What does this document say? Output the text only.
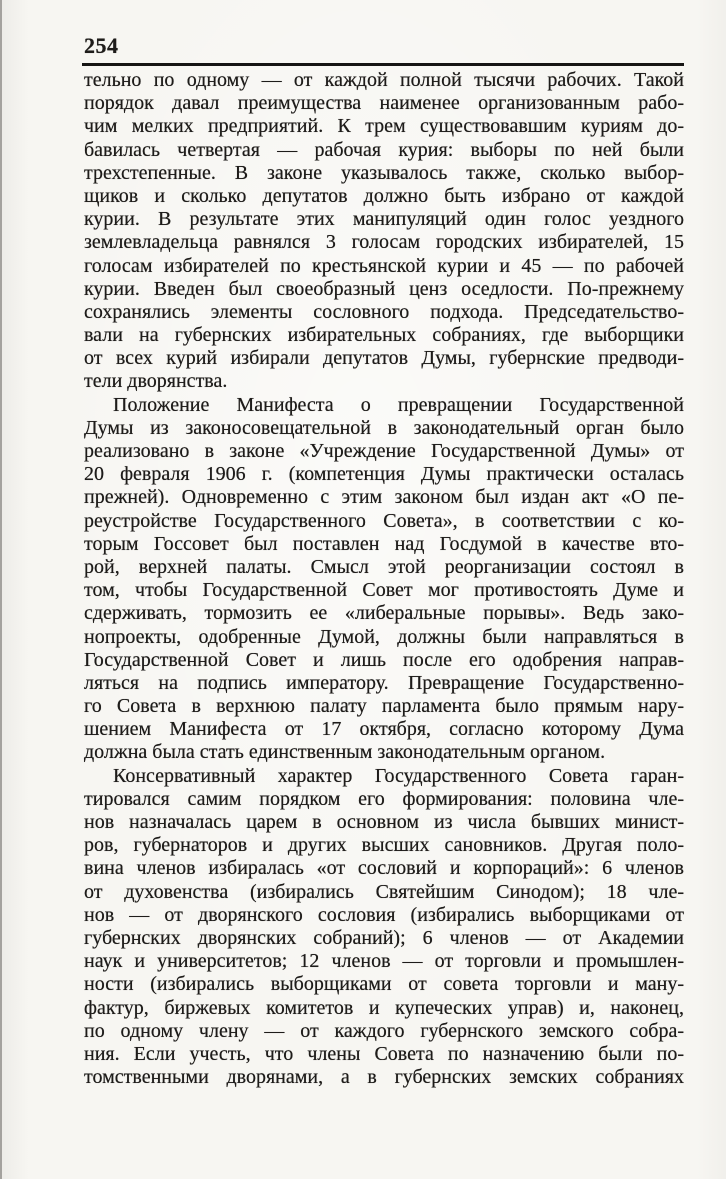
254
тельно по одному — от каждой полной тысячи рабочих. Такой
порядок давал преимущества наименее организованным рабо-
чим мелких предприятий. К трем существовавшим куриям до-
бавилась четвертая — рабочая курия: выборы по ней были
трехстепенные. В законе указывалось также, сколько выбор-
щиков и сколько депутатов должно быть избрано от каждой
курии. В результате этих манипуляций один голос уездного
землевладельца равнялся 3 голосам городских избирателей, 15
голосам избирателей по крестьянской курии и 45 — по рабочей
курии. Введен был своеобразный ценз оседлости. По-прежнему
сохранялись элементы сословного подхода. Председательство-
вали на губернских избирательных собраниях, где выборщики
от всех курий избирали депутатов Думы, губернские предводи-
тели дворянства.
Положение Манифеста о превращении Государственной
Думы из законосовещательной в законодательный орган было
реализовано в законе «Учреждение Государственной Думы» от
20 февраля 1906 г. (компетенция Думы практически осталась
прежней). Одновременно с этим законом был издан акт «О пе-
реустройстве Государственного Совета», в соответствии с ко-
торым Госсовет был поставлен над Госдумой в качестве вто-
рой, верхней палаты. Смысл этой реорганизации состоял в
том, чтобы Государственной Совет мог противостоять Думе и
сдерживать, тормозить ее «либеральные порывы». Ведь зако-
нопроекты, одобренные Думой, должны были направляться в
Государственной Совет и лишь после его одобрения направ-
ляться на подпись императору. Превращение Государственно-
го Совета в верхнюю палату парламента было прямым нару-
шением Манифеста от 17 октября, согласно которому Дума
должна была стать единственным законодательным органом.
Консервативный характер Государственного Совета гаран-
тировался самим порядком его формирования: половина чле-
нов назначалась царем в основном из числа бывших минист-
ров, губернаторов и других высших сановников. Другая поло-
вина членов избиралась «от сословий и корпораций»: 6 членов
от духовенства (избирались Святейшим Синодом); 18 чле-
нов — от дворянского сословия (избирались выборщиками от
губернских дворянских собраний); 6 членов — от Академии
наук и университетов; 12 членов — от торговли и промышлен-
ности (избирались выборщиками от совета торговли и ману-
фактур, биржевых комитетов и купеческих управ) и, наконец,
по одному члену — от каждого губернского земского собра-
ния. Если учесть, что члены Совета по назначению были по-
томственными дворянами, а в губернских земских собраниях
